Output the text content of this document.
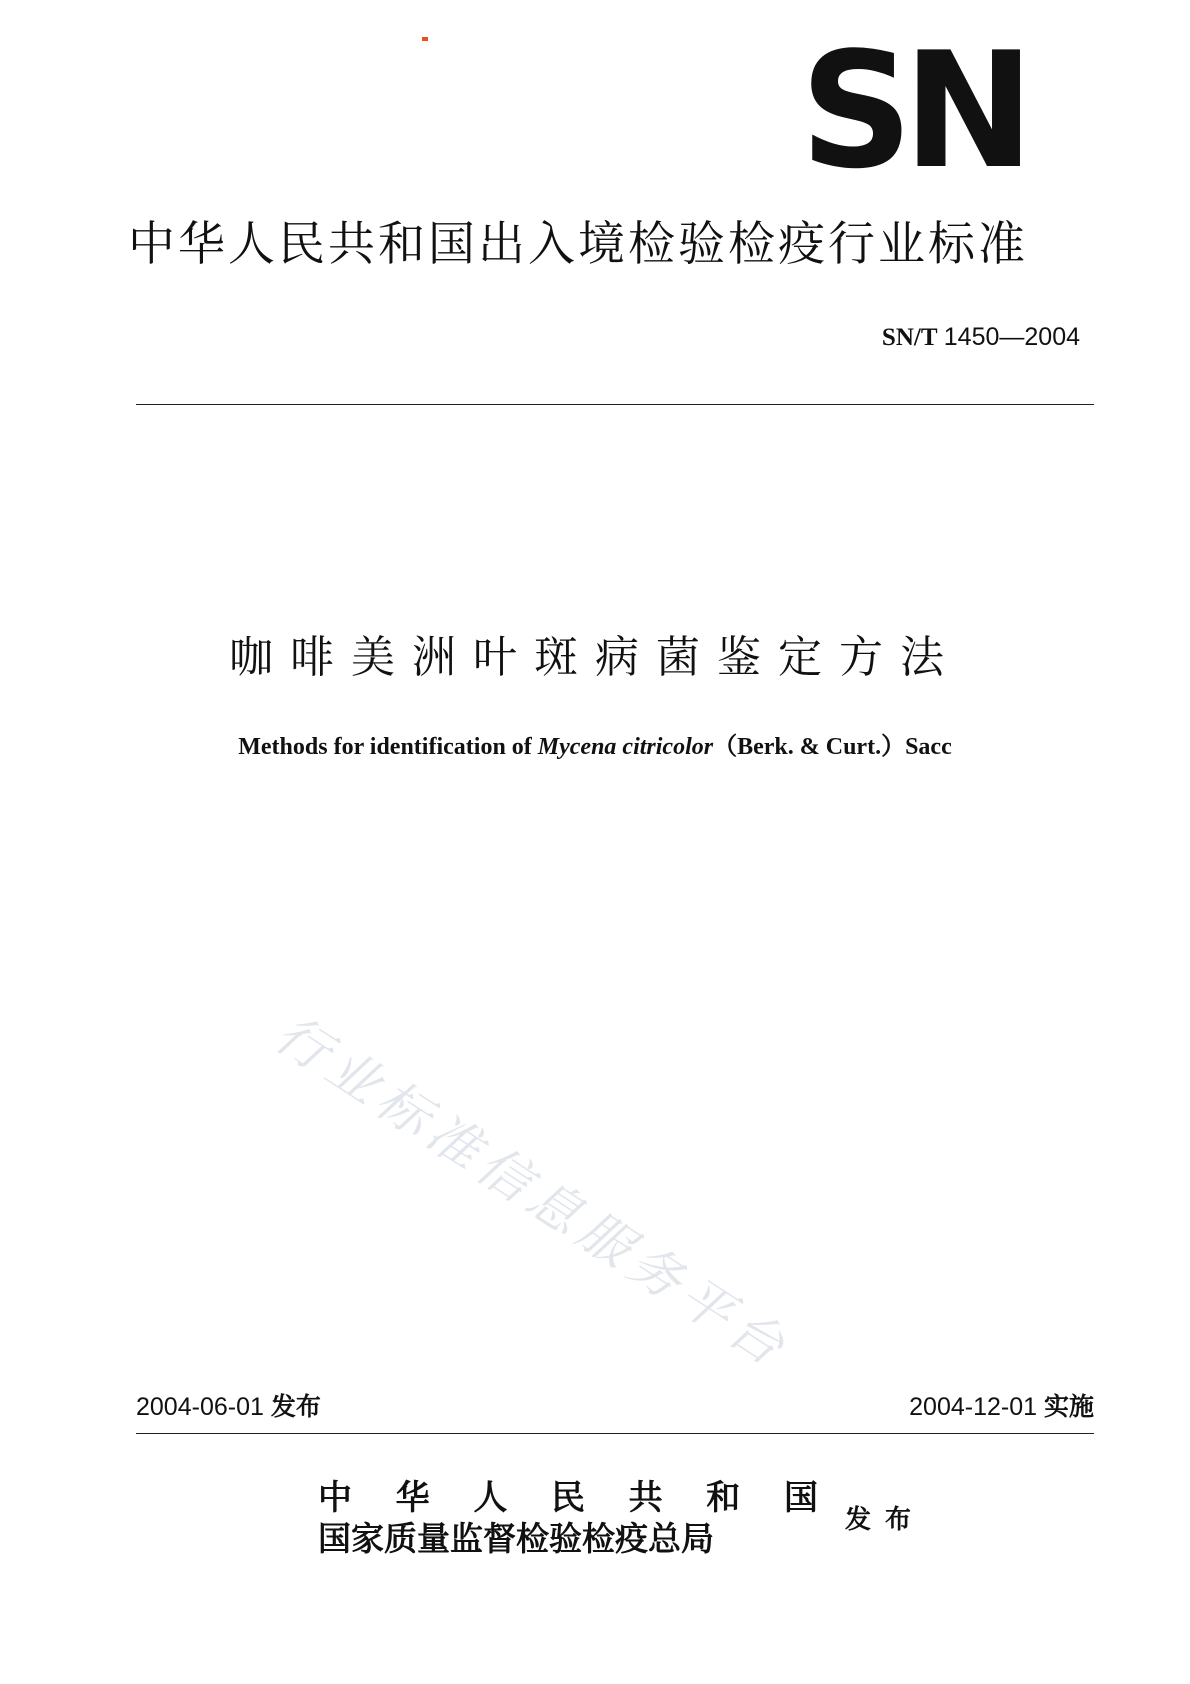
SN
中华人民共和国出入境检验检疫行业标准
SN/T 1450—2004
咖啡美洲叶斑病菌鉴定方法
Methods for identification of Mycena citricolor（Berk. & Curt.）Sacc
行业标准信息服务平台
2004-06-01 发布	2004-12-01 实施
中 华 人 民 共 和 国
国家质量监督检验检疫总局	发布
